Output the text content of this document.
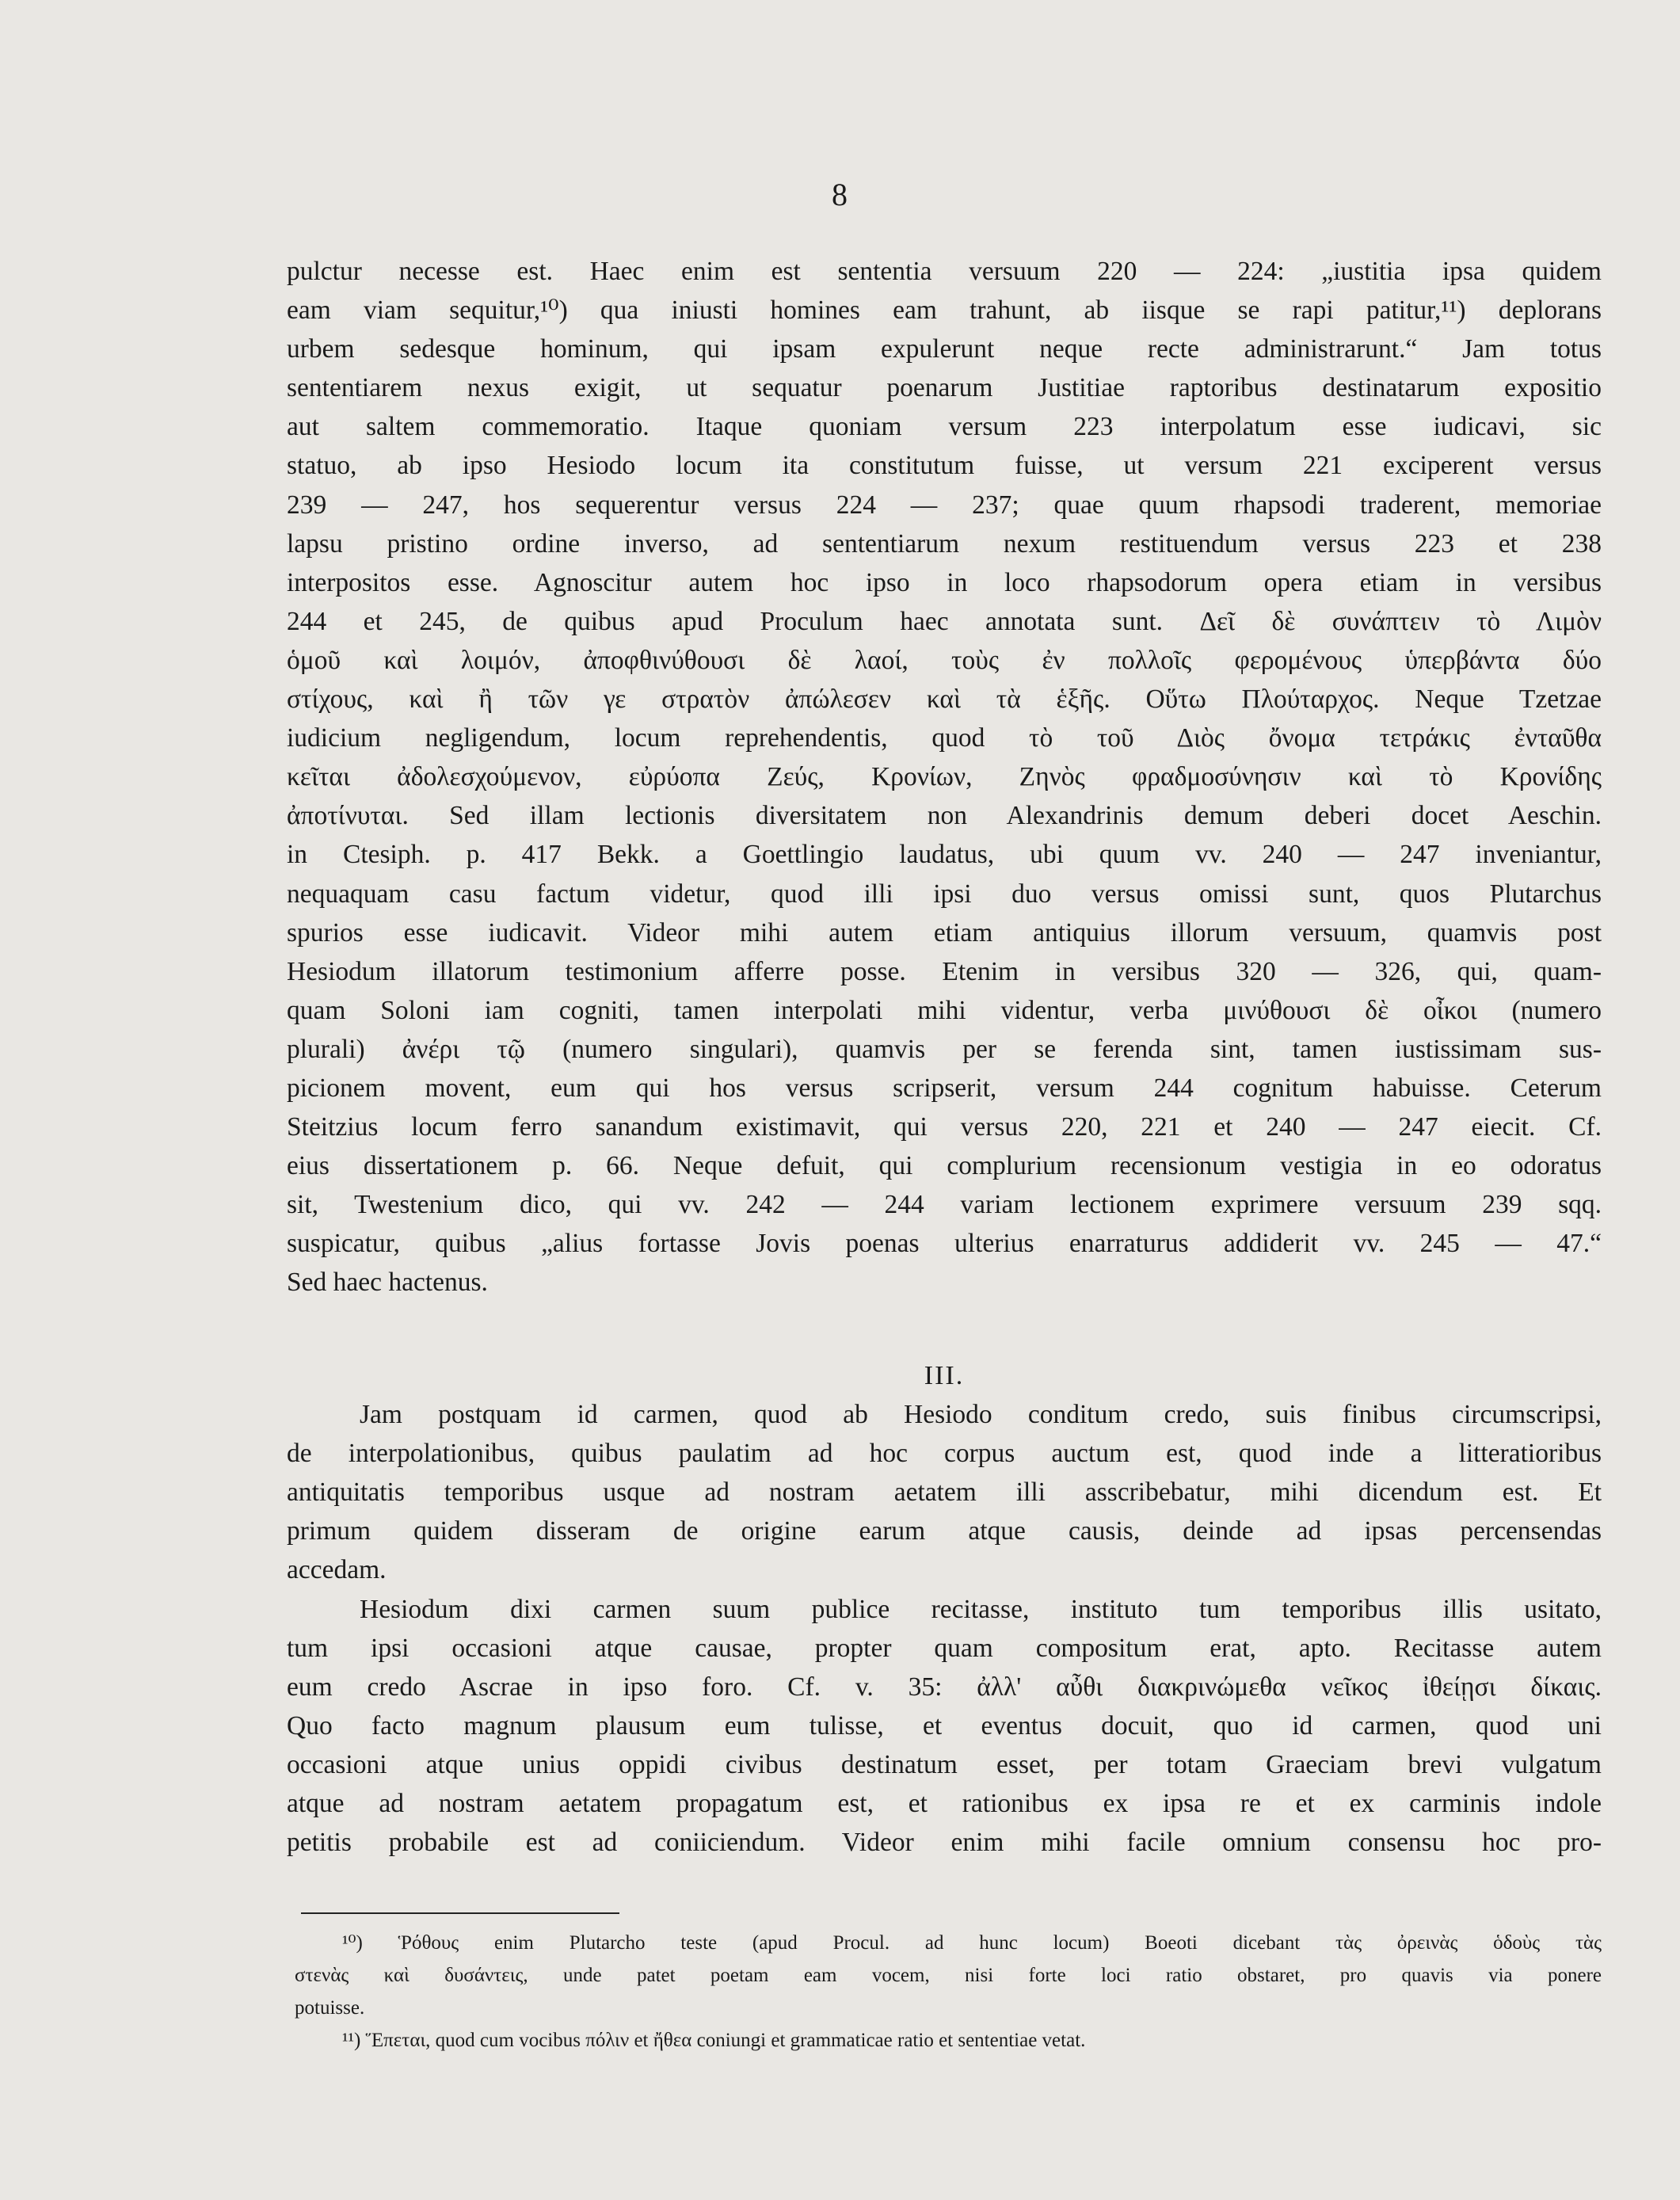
8
pulctur necesse est. Haec enim est sententia versuum 220 — 224: „iustitia ipsa quidem
eam viam sequitur,¹⁰) qua iniusti homines eam trahunt, ab iisque se rapi patitur,¹¹) deplorans
urbem sedesque hominum, qui ipsam expulerunt neque recte administrarunt.“ Jam totus
sententiarem nexus exigit, ut sequatur poenarum Justitiae raptoribus destinatarum expositio
aut saltem commemoratio. Itaque quoniam versum 223 interpolatum esse iudicavi, sic
statuo, ab ipso Hesiodo locum ita constitutum fuisse, ut versum 221 exciperent versus
239 — 247, hos sequerentur versus 224 — 237; quae quum rhapsodi traderent, memoriae
lapsu pristino ordine inverso, ad sententiarum nexum restituendum versus 223 et 238
interpositos esse. Agnoscitur autem hoc ipso in loco rhapsodorum opera etiam in versibus
244 et 245, de quibus apud Proculum haec annotata sunt. Δεῖ δὲ συνάπτειν τὸ Λιμὸν
ὁμοῦ καὶ λοιμόν, ἀποφθινύθουσι δὲ λαοί, τοὺς ἐν πολλοῖς φερομένους ὑπερβάντα δύο
στίχους, καὶ ἢ τῶν γε στρατὸν ἀπώλεσεν καὶ τὰ ἑξῆς. Οὕτω Πλούταρχος. Neque Tzetzae
iudicium negligendum, locum reprehendentis, quod τὸ τοῦ Διὸς ὄνομα τετράκις ἐνταῦθα
κεῖται ἀδολεσχούμενον, εὐρύοπα Ζεύς, Κρονίων, Ζηνὸς φραδμοσύνησιν καὶ τὸ Κρονίδης
ἀποτίνυται. Sed illam lectionis diversitatem non Alexandrinis demum deberi docet Aeschin.
in Ctesiph. p. 417 Bekk. a Goettlingio laudatus, ubi quum vv. 240 — 247 inveniantur,
nequaquam casu factum videtur, quod illi ipsi duo versus omissi sunt, quos Plutarchus
spurios esse iudicavit. Videor mihi autem etiam antiquius illorum versuum, quamvis post
Hesiodum illatorum testimonium afferre posse. Etenim in versibus 320 — 326, qui, quam-
quam Soloni iam cogniti, tamen interpolati mihi videntur, verba μινύθουσι δὲ οἶκοι (numero
plurali) ἀνέρι τῷ (numero singulari), quamvis per se ferenda sint, tamen iustissimam sus-
picionem movent, eum qui hos versus scripserit, versum 244 cognitum habuisse. Ceterum
Steitzius locum ferro sanandum existimavit, qui versus 220, 221 et 240 — 247 eiecit. Cf.
eius dissertationem p. 66. Neque defuit, qui complurium recensionum vestigia in eo odoratus
sit, Twestenium dico, qui vv. 242 — 244 variam lectionem exprimere versuum 239 sqq.
suspicatur, quibus „alius fortasse Jovis poenas ulterius enarraturus addiderit vv. 245 — 47.“
Sed haec hactenus.
III.
Jam postquam id carmen, quod ab Hesiodo conditum credo, suis finibus circumscripsi,
de interpolationibus, quibus paulatim ad hoc corpus auctum est, quod inde a litteratioribus
antiquitatis temporibus usque ad nostram aetatem illi asscribebatur, mihi dicendum est. Et
primum quidem disseram de origine earum atque causis, deinde ad ipsas percensendas
accedam.
Hesiodum dixi carmen suum publice recitasse, instituto tum temporibus illis usitato,
tum ipsi occasioni atque causae, propter quam compositum erat, apto. Recitasse autem
eum credo Ascrae in ipso foro. Cf. v. 35: ἀλλ' αὖθι διακρινώμεθα νεῖκος ἰθείῃσι δίκαις.
Quo facto magnum plausum eum tulisse, et eventus docuit, quo id carmen, quod uni
occasioni atque unius oppidi civibus destinatum esset, per totam Graeciam brevi vulgatum
atque ad nostram aetatem propagatum est, et rationibus ex ipsa re et ex carminis indole
petitis probabile est ad coniiciendum. Videor enim mihi facile omnium consensu hoc pro-
¹⁰) Ῥόθους enim Plutarcho teste (apud Procul. ad hunc locum) Boeoti dicebant τὰς ὀρεινὰς ὁδοὺς τὰς
στενὰς καὶ δυσάντεις, unde patet poetam eam vocem, nisi forte loci ratio obstaret, pro quavis via ponere
potuisse.
¹¹) Ἕπεται, quod cum vocibus πόλιν et ἤθεα coniungi et grammaticae ratio et sententiae vetat.
